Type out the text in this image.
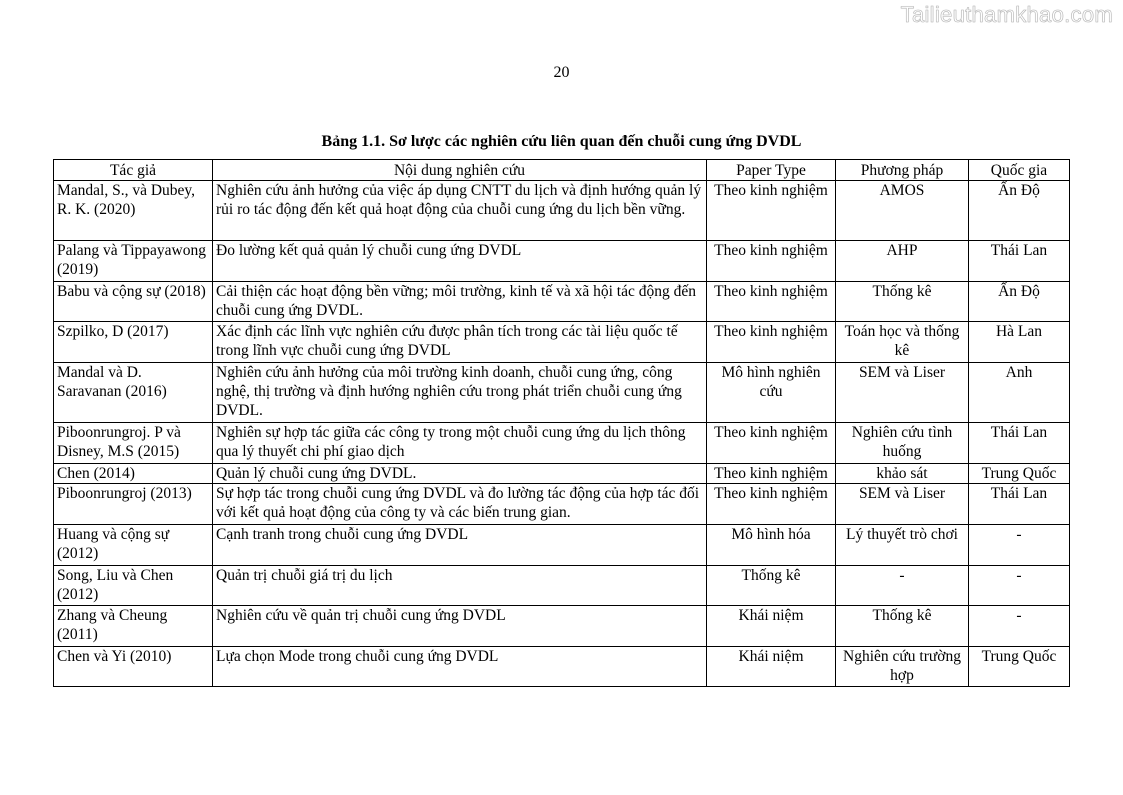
Tailieuthamkhao.com
20
Bảng 1.1. Sơ lược các nghiên cứu liên quan đến chuỗi cung ứng DVDL
Tác giả	Nội dung nghiên cứu	Paper Type	Phương pháp	Quốc gia
Mandal, S., và Dubey, R. K. (2020)	Nghiên cứu ảnh hưởng của việc áp dụng CNTT du lịch và định hướng quản lý rủi ro tác động đến kết quả hoạt động của chuỗi cung ứng du lịch bền vững.	Theo kinh nghiệm	AMOS	Ấn Độ
Palang và Tippayawong (2019)	Đo lường kết quả quản lý chuỗi cung ứng DVDL	Theo kinh nghiệm	AHP	Thái Lan
Babu và cộng sự (2018)	Cải thiện các hoạt động bền vững; môi trường, kinh tế và xã hội tác động đến chuỗi cung ứng DVDL.	Theo kinh nghiệm	Thống kê	Ấn Độ
Szpilko, D (2017)	Xác định các lĩnh vực nghiên cứu được phân tích trong các tài liệu quốc tế trong lĩnh vực chuỗi cung ứng DVDL	Theo kinh nghiệm	Toán học và thống kê	Hà Lan
Mandal và D. Saravanan (2016)	Nghiên cứu ảnh hưởng của môi trường kinh doanh, chuỗi cung ứng, công nghệ, thị trường và định hướng nghiên cứu trong phát triển chuỗi cung ứng DVDL.	Mô hình nghiên cứu	SEM và Liser	Anh
Piboonrungroj. P và Disney, M.S (2015)	Nghiên sự hợp tác giữa các công ty trong một chuỗi cung ứng du lịch thông qua lý thuyết chi phí giao dịch	Theo kinh nghiệm	Nghiên cứu tình huống	Thái Lan
Chen (2014)	Quản lý chuỗi cung ứng DVDL.	Theo kinh nghiệm	khảo sát	Trung Quốc
Piboonrungroj (2013)	Sự hợp tác trong chuỗi cung ứng DVDL và đo lường tác động của hợp tác đối với kết quả hoạt động của công ty và các biến trung gian.	Theo kinh nghiệm	SEM và Liser	Thái Lan
Huang và cộng sự (2012)	Cạnh tranh trong chuỗi cung ứng DVDL	Mô hình hóa	Lý thuyết trò chơi	-
Song, Liu và Chen (2012)	Quản trị chuỗi giá trị du lịch	Thống kê	-	-
Zhang và Cheung (2011)	Nghiên cứu về quản trị chuỗi cung ứng DVDL	Khái niệm	Thống kê	-
Chen và Yi (2010)	Lựa chọn Mode trong chuỗi cung ứng DVDL	Khái niệm	Nghiên cứu trường hợp	Trung Quốc
